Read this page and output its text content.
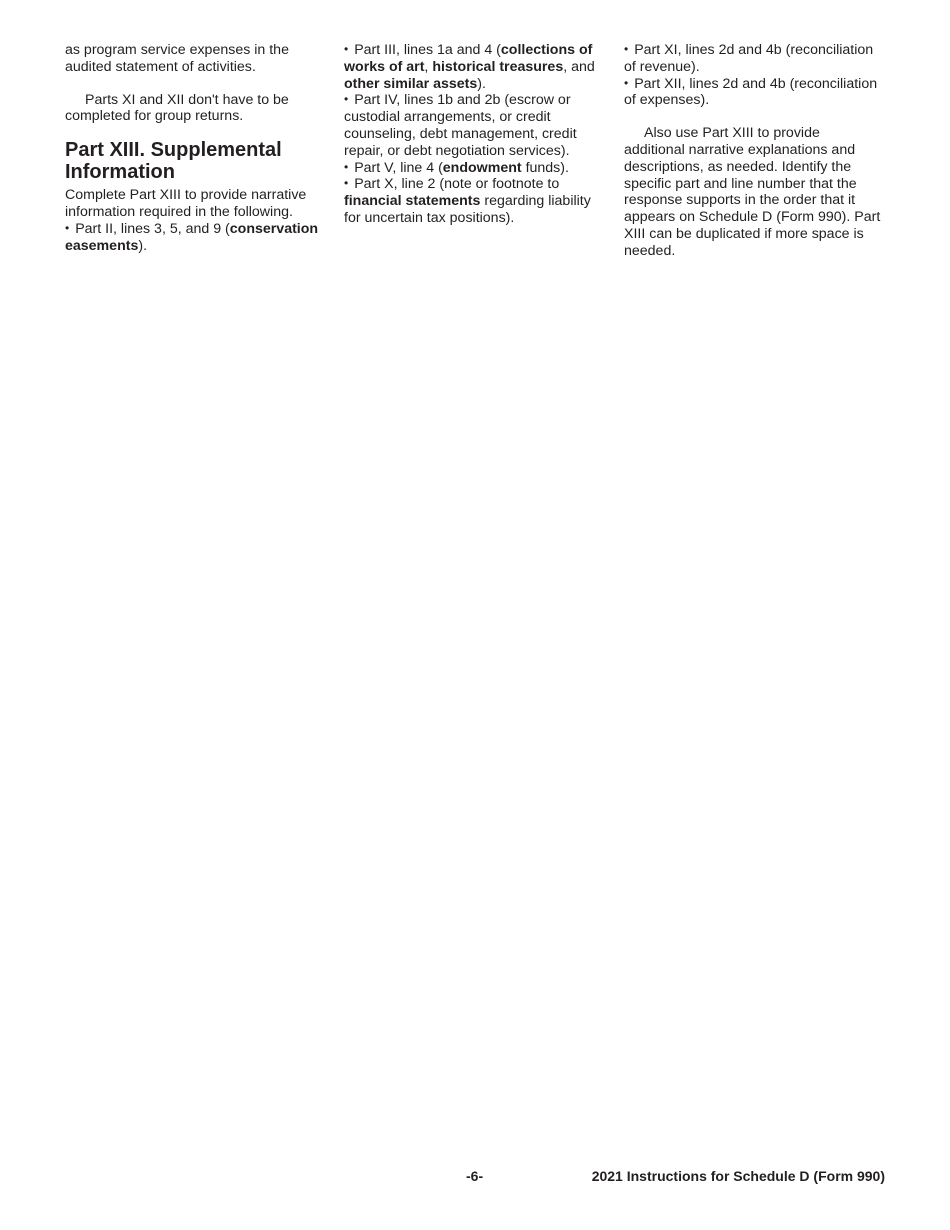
as program service expenses in the audited statement of activities.

Parts XI and XII don't have to be completed for group returns.

Part XIII. Supplemental Information

Complete Part XIII to provide narrative information required in the following.

• Part II, lines 3, 5, and 9 (conservation easements).

• Part III, lines 1a and 4 (collections of works of art, historical treasures, and other similar assets).

• Part IV, lines 1b and 2b (escrow or custodial arrangements, or credit counseling, debt management, credit repair, or debt negotiation services).

• Part V, line 4 (endowment funds).

• Part X, line 2 (note or footnote to financial statements regarding liability for uncertain tax positions).

• Part XI, lines 2d and 4b (reconciliation of revenue).

• Part XII, lines 2d and 4b (reconciliation of expenses).

Also use Part XIII to provide additional narrative explanations and descriptions, as needed. Identify the specific part and line number that the response supports in the order that it appears on Schedule D (Form 990). Part XIII can be duplicated if more space is needed.

-6-	2021 Instructions for Schedule D (Form 990)
